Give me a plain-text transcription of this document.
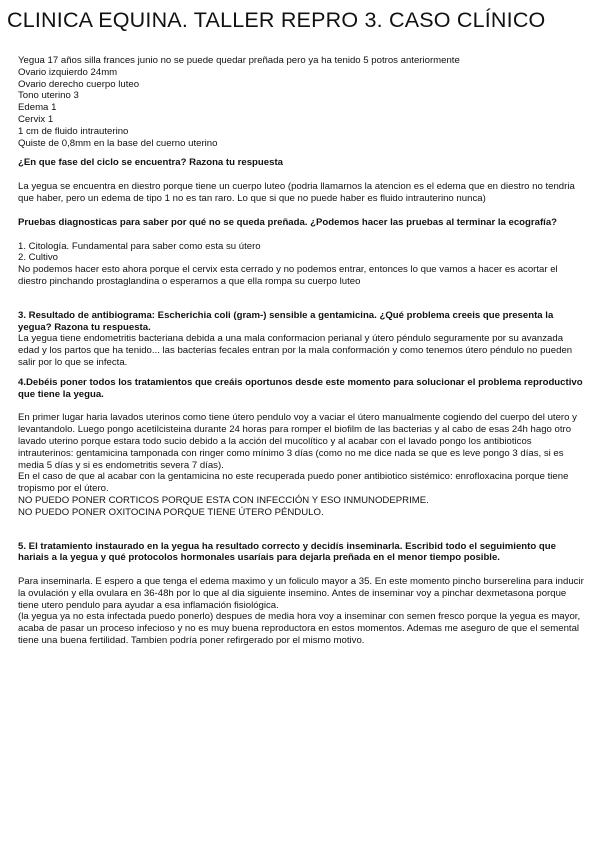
CLINICA EQUINA. TALLER REPRO 3. CASO CLÍNICO

Yegua 17 años silla frances junio no se puede quedar preñada pero ya ha tenido 5 potros anteriormente

Ovario izquierdo 24mm

Ovario derecho cuerpo luteo

Tono uterino 3

Edema 1

Cervix 1

1 cm de fluido intrauterino

Quiste de 0,8mm en la base del cuerno uterino

¿En que fase del ciclo se encuentra? Razona tu respuesta

La yegua se encuentra en diestro porque tiene un cuerpo luteo (podria llamarnos la atencion es el edema que en diestro no tendria que haber, pero un edema de tipo 1 no es tan raro. Lo que si que no puede haber es fluido intrauterino nunca)

Pruebas diagnosticas para saber por qué no se queda preñada. ¿Podemos hacer las pruebas al terminar la ecografía?

1. Citología. Fundamental para saber como esta su útero

2. Cultivo

No podemos hacer esto ahora porque el cervix esta cerrado y no podemos entrar, entonces lo que vamos a hacer es acortar el diestro pinchando prostaglandina o esperarnos a que ella rompa su cuerpo luteo

3. Resultado de antibiograma: Escherichia coli (gram-) sensible a gentamicina. ¿Qué problema creeis que presenta la yegua? Razona tu respuesta.

La yegua tiene endometritis bacteriana debida a una mala conformacion perianal y útero péndulo seguramente por su avanzada edad y los partos que ha tenido... las bacterias fecales entran por la mala conformación y como tenemos útero péndulo no pueden salir por lo que se infecta.

4.Debéis poner todos los tratamientos que creáis oportunos desde este momento para solucionar el problema reproductivo que tiene la yegua.

En primer lugar haria lavados uterinos como tiene útero pendulo voy a vaciar el útero manualmente cogiendo del cuerpo del utero y levantandolo. Luego pongo acetilcisteina durante 24 horas para romper el biofilm de las bacterias y al cabo de esas 24h hago otro lavado uterino porque estara todo sucio debido a la acción del mucolítico y al acabar con el lavado pongo los antibioticos intrauterinos: gentamicina tamponada con ringer como mínimo 3 días (como no me dice nada se que es leve pongo 3 días, si es media 5 días y si es endometritis severa 7 días).

En el caso de que al acabar con la gentamicina no este recuperada puedo poner antibiotico sistémico: enrofloxacina porque tiene tropismo por el útero.

NO PUEDO PONER CORTICOS PORQUE ESTA CON INFECCIÓN Y ESO INMUNODEPRIME.

NO PUEDO PONER OXITOCINA PORQUE TIENE ÚTERO PÉNDULO.

5. El tratamiento instaurado en la yegua ha resultado correcto y decidís inseminarla. Escribid todo el seguimiento que hariais a la yegua y qué protocolos hormonales usaríais para dejarla preñada en el menor tiempo posible.

Para inseminarla. E espero a que tenga el edema maximo y un foliculo mayor a 35. En este momento pincho burserelina para inducir la ovulación y ella ovulara en 36-48h por lo que al dia siguiente insemino. Antes de inseminar voy a pinchar dexmetasona porque tiene utero pendulo para ayudar a esa inflamación fisiológica.

(la yegua ya no esta infectada puedo ponerlo) despues de media hora voy a inseminar con semen fresco porque la yegua es mayor, acaba de pasar un proceso infecioso y no es muy buena reproductora en estos momentos. Ademas me aseguro de que el semental tiene una buena fertilidad. Tambien podría poner refirgerado por el mismo motivo.
